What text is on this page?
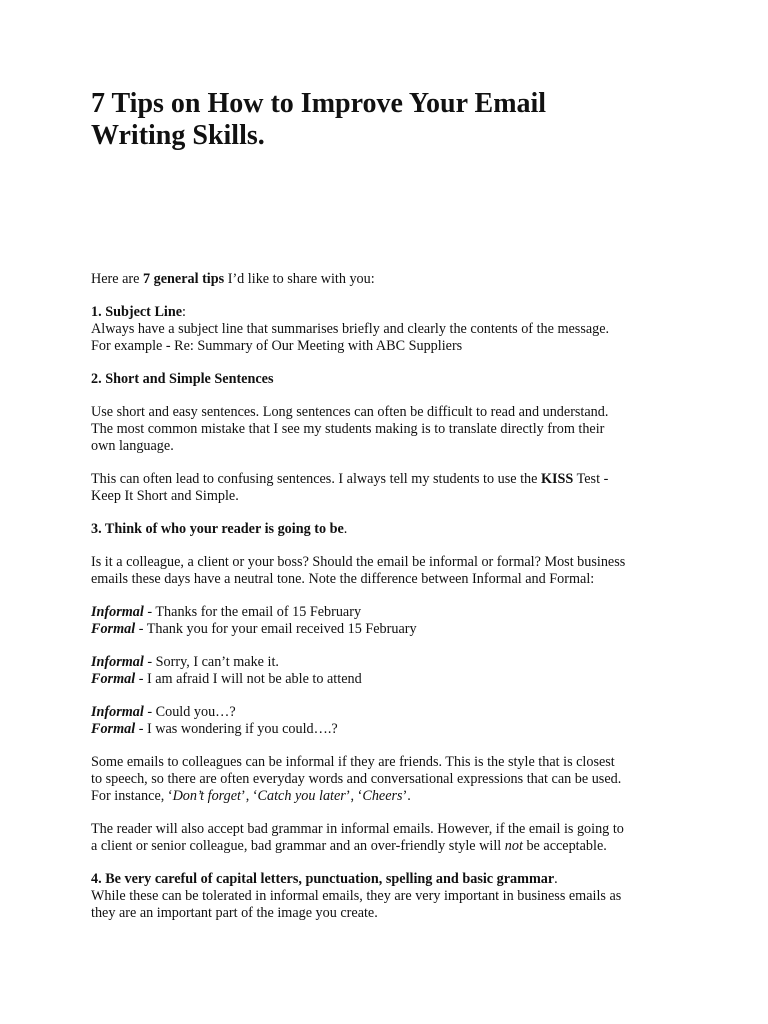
7 Tips on How to Improve Your Email
Writing Skills.

Here are 7 general tips I’d like to share with you:

1. Subject Line:

Always have a subject line that summarises briefly and clearly the contents of the message.

For example - Re: Summary of Our Meeting with ABC Suppliers

2. Short and Simple Sentences

Use short and easy sentences. Long sentences can often be difficult to read and understand.

The most common mistake that I see my students making is to translate directly from their

own language.

This can often lead to confusing sentences. I always tell my students to use the KISS Test -

Keep It Short and Simple.

3. Think of who your reader is going to be.

Is it a colleague, a client or your boss? Should the email be informal or formal? Most business

emails these days have a neutral tone. Note the difference between Informal and Formal:

Informal - Thanks for the email of 15 February

Formal - Thank you for your email received 15 February

Informal - Sorry, I can’t make it.

Formal - I am afraid I will not be able to attend

Informal - Could you…?

Formal - I was wondering if you could….?

Some emails to colleagues can be informal if they are friends. This is the style that is closest

to speech, so there are often everyday words and conversational expressions that can be used.

For instance, ‘Don’t forget’, ‘Catch you later’, ‘Cheers’.

The reader will also accept bad grammar in informal emails. However, if the email is going to

a client or senior colleague, bad grammar and an over-friendly style will not be acceptable.

4. Be very careful of capital letters, punctuation, spelling and basic grammar.

While these can be tolerated in informal emails, they are very important in business emails as

they are an important part of the image you create.
